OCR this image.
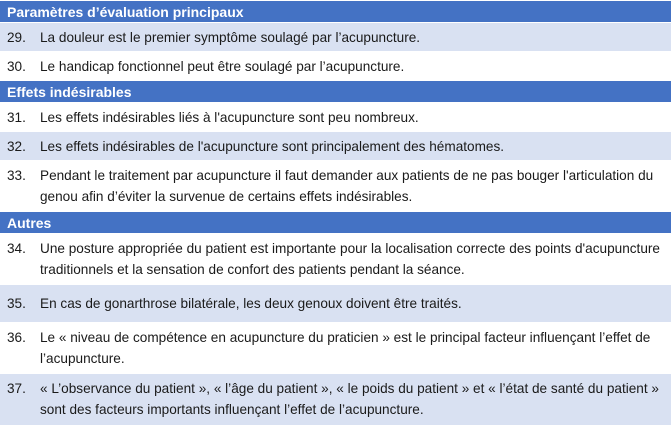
Paramètres d’évaluation principaux
29.	La douleur est le premier symptôme soulagé par l’acupuncture.
30.	Le handicap fonctionnel peut être soulagé par l’acupuncture.
Effets indésirables
31.	Les effets indésirables liés à l'acupuncture sont peu nombreux.
32.	Les effets indésirables de l'acupuncture sont principalement des hématomes.
33.	Pendant le traitement par acupuncture il faut demander aux patients de ne pas bouger l'articulation du genou afin d’éviter la survenue de certains effets indésirables.
Autres
34.	Une posture appropriée du patient est importante pour la localisation correcte des points d'acupuncture traditionnels et la sensation de confort des patients pendant la séance.
35.	En cas de gonarthrose bilatérale, les deux genoux doivent être traités.
36.	Le « niveau de compétence en acupuncture du praticien » est le principal facteur influençant l’effet de l’acupuncture.
37.	« L’observance du patient », « l’âge du patient », « le poids du patient » et « l’état de santé du patient » sont des facteurs importants influençant l’effet de l’acupuncture.
